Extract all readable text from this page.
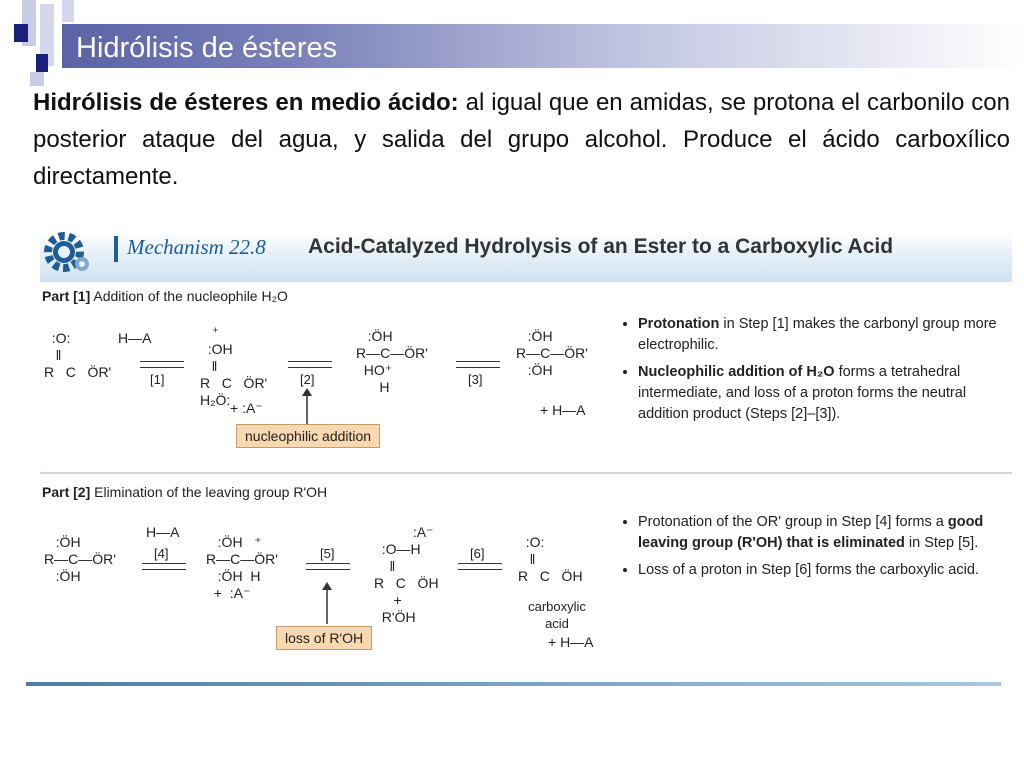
Hidrólisis de ésteres
Hidrólisis de ésteres en medio ácido: al igual que en amidas, se protona el carbonilo con posterior ataque del agua, y salida del grupo alcohol. Produce el ácido carboxílico directamente.
Mechanism 22.8 Acid-Catalyzed Hydrolysis of an Ester to a Carboxylic Acid
Part [1] Addition of the nucleophile H₂O
:O:
‖
R   C   ÖR'
H—A
[1]
⁺
:OH
‖
R   C   ÖR'
H₂Ö: + :A⁻
[2]
:ÖH
R—C—ÖR'
HO⁺
H	[3]
:ÖH
R—C—ÖR'
:ÖH
+ H—A
nucleophilic addition
• Protonation in Step [1] makes the carbonyl group more electrophilic.
• Nucleophilic addition of H₂O forms a tetrahedral intermediate, and loss of a proton forms the neutral addition product (Steps [2]–[3]).
Part [2] Elimination of the leaving group R'OH
:ÖH
R—C—ÖR'
:ÖH
H—A
[4]
:ÖH   ⁺
R—C—ÖR'
:ÖH  H
+  :A⁻
[5]
:A⁻
:O—H
‖
R   C   ÖH
+
R'ÖH
[6]
:O:
‖
R   C   ÖH
carboxylic acid
+ H—A
loss of R'OH
• Protonation of the OR' group in Step [4] forms a good leaving group (R'OH) that is eliminated in Step [5].
• Loss of a proton in Step [6] forms the carboxylic acid.
